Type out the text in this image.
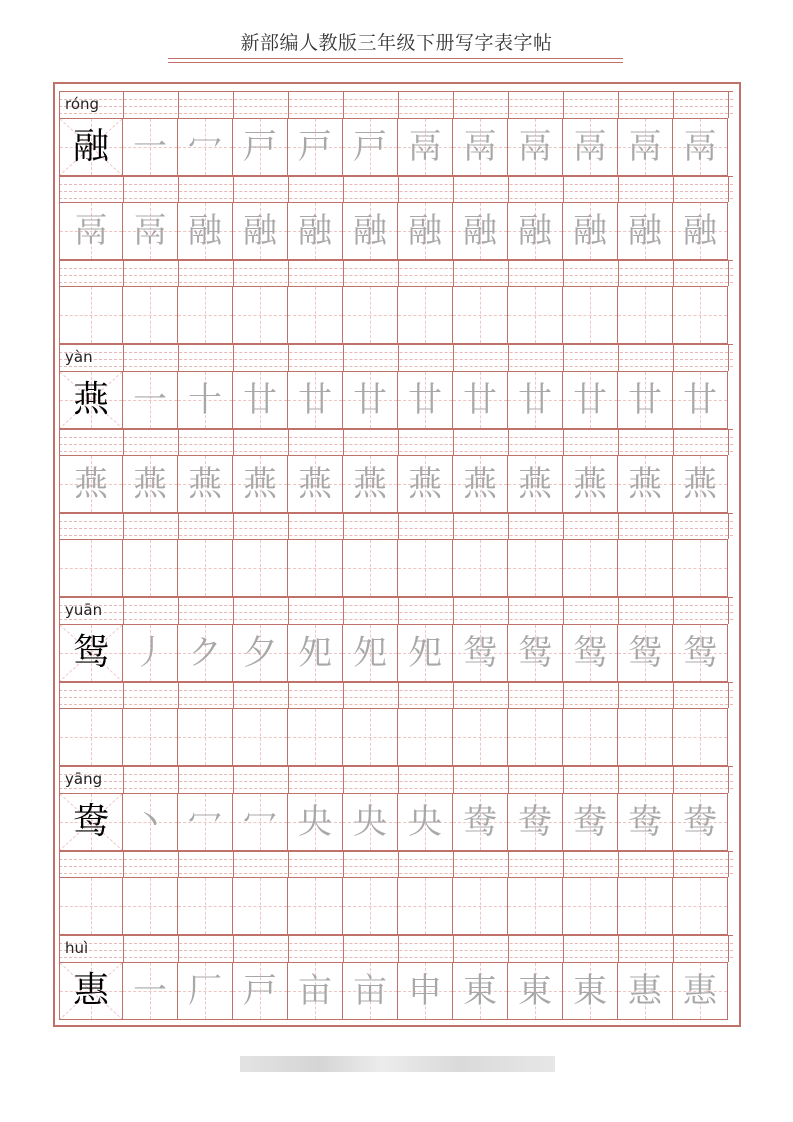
新部编人教版三年级下册写字表字帖
róng
融 一 冖 戸 戸 戸 鬲 鬲 鬲 鬲 鬲 鬲
鬲 鬲 融 融 融 融 融 融 融 融 融 融
yàn
燕 一 十 廿 廿 廿 廿 廿 廿 廿 廿 廿
燕 燕 燕 燕 燕 燕 燕 燕 燕 燕 燕 燕
yuān
鸳 丿 ク 夕 夗 夗 夗 鸳 鸳 鸳 鸳 鸳
yāng
鸯 丶 冖 冖 央 央 央 鸯 鸯 鸯 鸯 鸯
huì
惠 一 厂 戸 亩 亩 申 東 東 東 惠 惠
